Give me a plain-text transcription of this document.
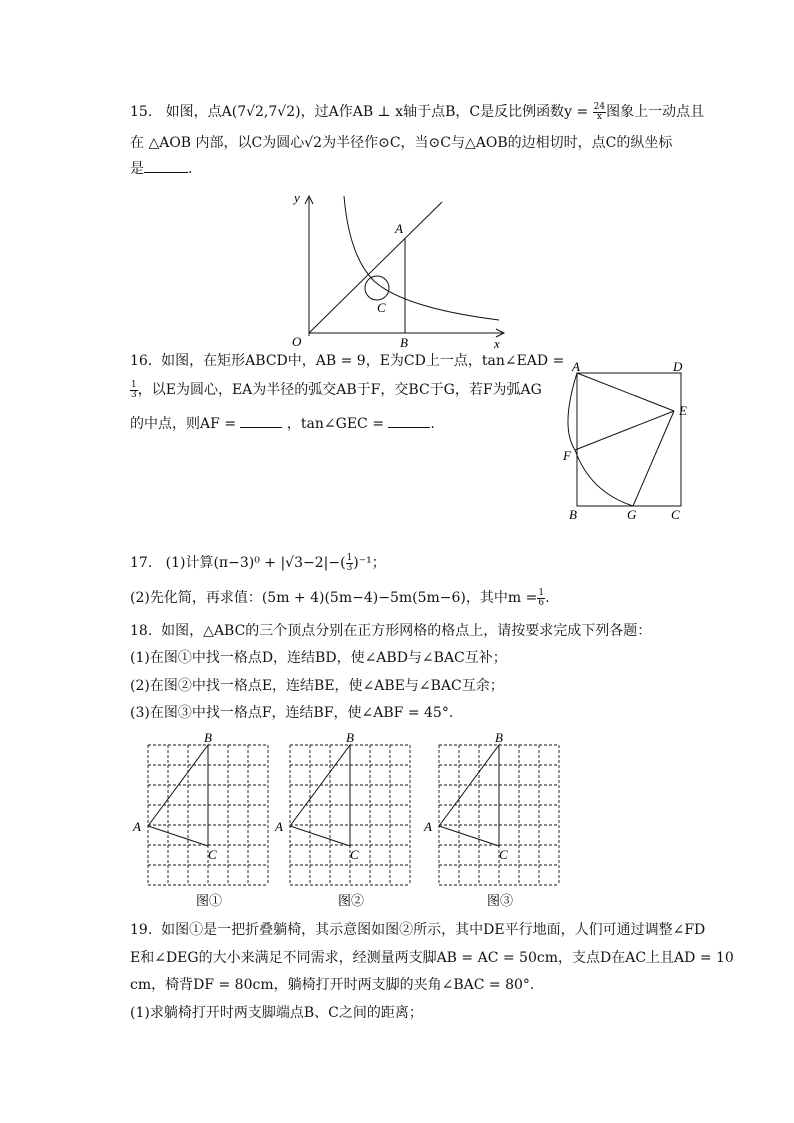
15. 如图，点A(7√2,7√2)，过A作AB ⊥ x轴于点B，C是反比例函数$y = \frac{24}{x}$ 图象上一动点且
在 △AOB 内部，以C为圆心√2为半径作⊙C，当⊙C与△AOB的边相切时，点C的纵坐标
是	.
y
O	x
A
B
C
16. 如图，在矩形ABCD中，AB = 9，E为CD上一点，tan∠EAD =
$\frac{1}{3}$ ，以E为圆心，EA为半径的弧交AB于F，交BC于G，若F为弧AG
的中点，则AF =	，tan∠GEC =	.
A	D
E
F
B	G	C
17. (1)计算$(\pi-3)^0 + |√3-2|-( \frac{1}{3} )^{-1}$；
(2)先化简，再求值：(5m + 4)(5m−4)−5m(5m−6)，其中$m = \frac{1}{6}$ .
18. 如图，△ABC的三个顶点分别在正方形网格的格点上，请按要求完成下列各题：
(1)在图①中找一格点D，连结BD，使∠ABD与∠BAC互补；
(2)在图②中找一格点E，连结BE，使∠ABE与∠BAC互余；
(3)在图③中找一格点F，连结BF，使∠ABF = 45°.
B
A
C
图①
B
A
C
图②
B
A
C
图③
19. 如图①是一把折叠躺椅，其示意图如图②所示，其中DE平行地面，人们可通过调整∠FD
E和∠DEG的大小来满足不同需求，经测量两支脚AB = AC = 50cm，支点D在AC上且AD = 10
cm，椅背DF = 80cm，躺椅打开时两支脚的夹角∠BAC = 80°.
(1)求躺椅打开时两支脚端点B、C之间的距离；
